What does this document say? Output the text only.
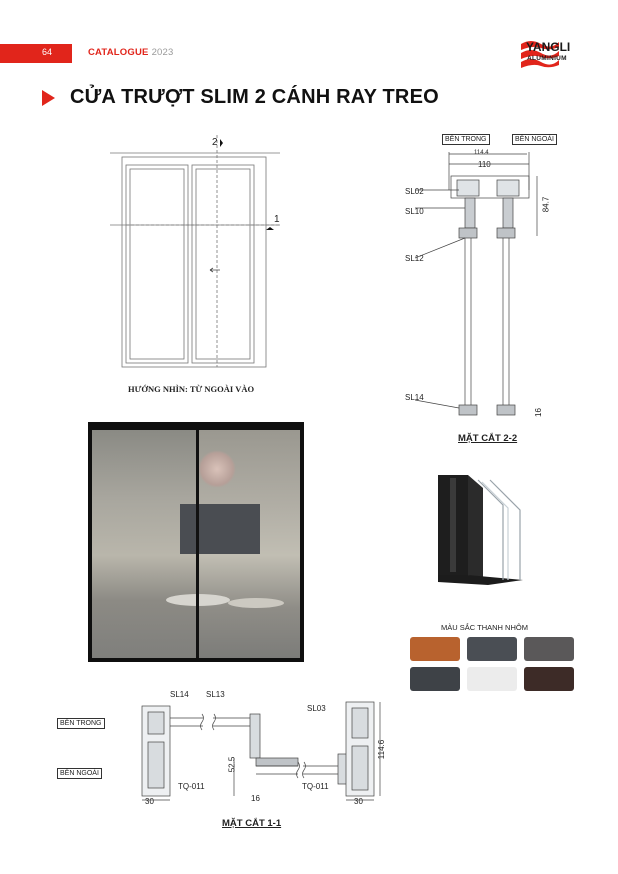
64	CATALOGUE 2023	YANGLI
ALUMINIUM
CỬA TRƯỢT SLIM 2 CÁNH RAY TREO
2
1
HƯỚNG NHÌN: TỪ NGOÀI VÀO
BÊN TRONG	BÊN NGOÀI
114.4
110
84.7
16
SL02
SL10
SL12
SL14
MẶT CẮT 2-2
MÀU SẮC THANH NHÔM
BÊN TRONG
BÊN NGOÀI
SL14 SL13
SL03
TQ-011	TQ-011
30	16
52.5
30
114.6
MẶT CẮT 1-1
